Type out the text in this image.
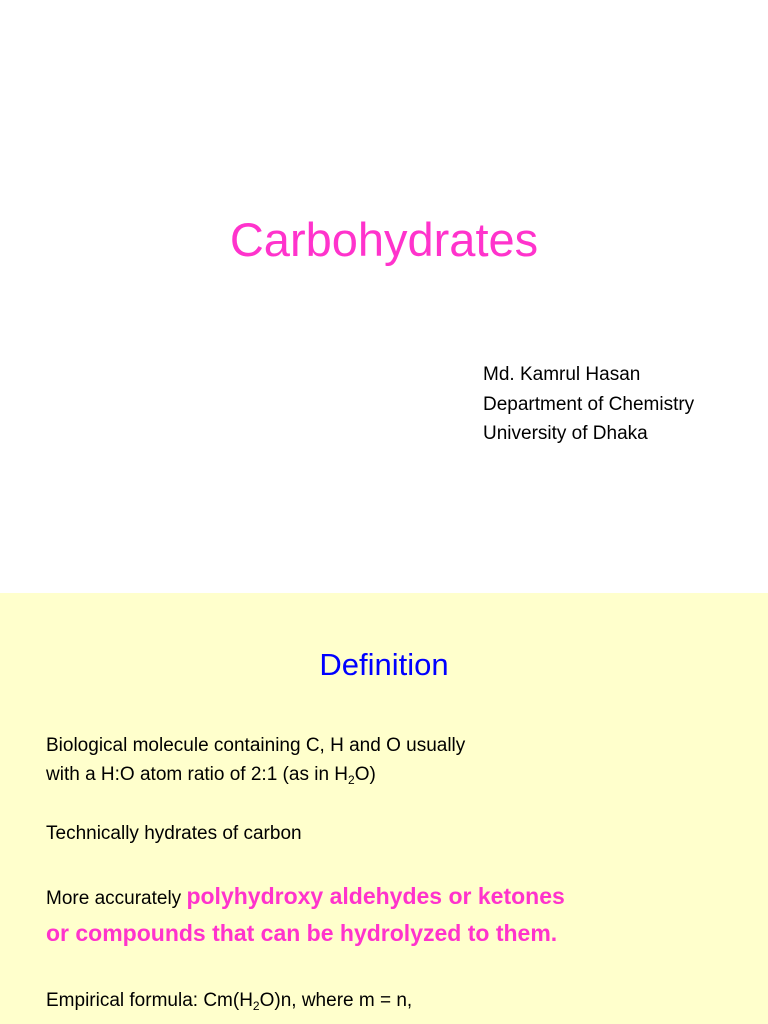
Carbohydrates
Md. Kamrul Hasan
Department of Chemistry
University of Dhaka
Definition
Biological molecule containing C, H and O usually
with a H:O atom ratio of 2:1 (as in $H_2O$)
Technically hydrates of carbon
More accurately polyhydroxy aldehydes or ketones
or compounds that can be hydrolyzed to them.
Empirical formula: $Cm(H_2O)n$, where m = n,
